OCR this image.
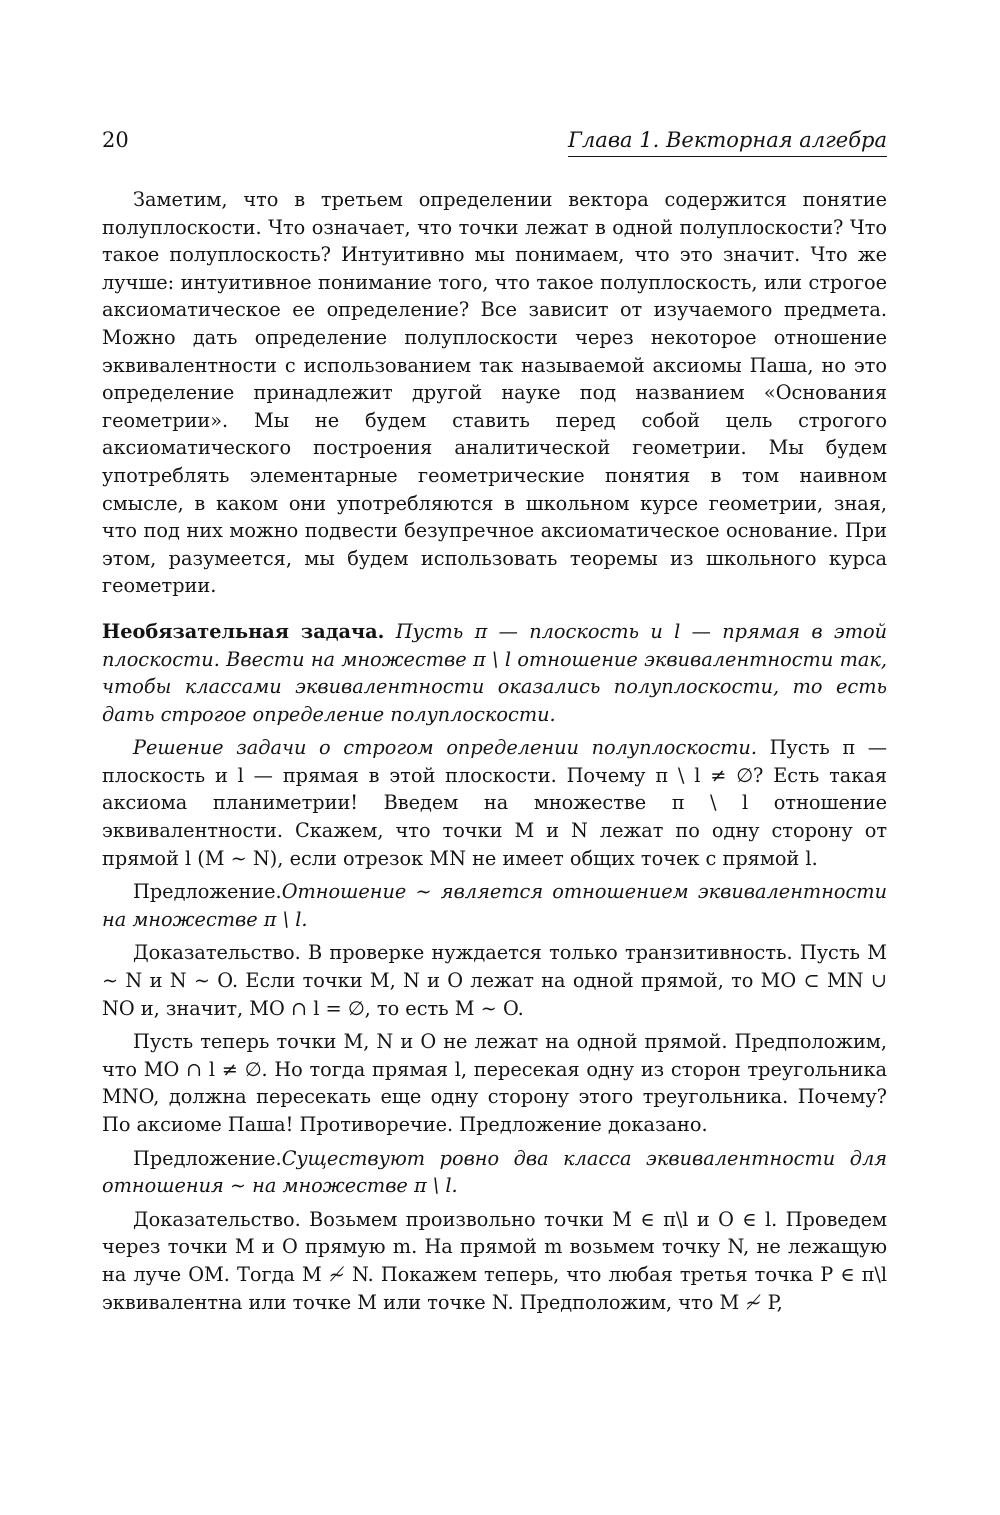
20	Глава 1. Векторная алгебра

Заметим, что в третьем определении вектора содержится понятие полуплоскости. Что означает, что точки лежат в одной полуплоскости? Что такое полуплоскость? Интуитивно мы понимаем, что это значит. Что же лучше: интуитивное понимание того, что такое полуплоскость, или строгое аксиоматическое ее определение? Все зависит от изучаемого предмета. Можно дать определение полуплоскости через некоторое отношение эквивалентности с использованием так называемой аксиомы Паша, но это определение принадлежит другой науке под названием «Основания геометрии». Мы не будем ставить перед собой цель строгого аксиоматического построения аналитической геометрии. Мы будем употреблять элементарные геометрические понятия в том наивном смысле, в каком они употребляются в школьном курсе геометрии, зная, что под них можно подвести безупречное аксиоматическое основание. При этом, разумеется, мы будем использовать теоремы из школьного курса геометрии.

Необязательная задача. Пусть π — плоскость и l — прямая в этой плоскости. Ввести на множестве π \ l отношение эквивалентности так, чтобы классами эквивалентности оказались полуплоскости, то есть дать строгое определение полуплоскости.

Решение задачи о строгом определении полуплоскости. Пусть π — плоскость и l — прямая в этой плоскости. Почему π \ l ≠ ∅? Есть такая аксиома планиметрии! Введем на множестве π \ l отношение эквивалентности. Скажем, что точки M и N лежат по одну сторону от прямой l (M ∼ N), если отрезок MN не имеет общих точек с прямой l.

Предложение.Отношение ∼ является отношением эквивалентности на множестве π \ l.

Доказательство. В проверке нуждается только транзитивность. Пусть M ∼ N и N ∼ O. Если точки M, N и O лежат на одной прямой, то MO ⊂ MN ∪ NO и, значит, MO ∩ l = ∅, то есть M ∼ O.

Пусть теперь точки M, N и O не лежат на одной прямой. Предположим, что MO ∩ l ≠ ∅. Но тогда прямая l, пересекая одну из сторон треугольника MNO, должна пересекать еще одну сторону этого треугольника. Почему? По аксиоме Паша! Противоречие. Предложение доказано.

Предложение.Существуют ровно два класса эквивалентности для отношения ∼ на множестве π \ l.

Доказательство. Возьмем произвольно точки M ∈ π\l и O ∈ l. Проведем через точки M и O прямую m. На прямой m возьмем точку N, не лежащую на луче OM. Тогда M ≁ N. Покажем теперь, что любая третья точка P ∈ π\l эквивалентна или точке M или точке N. Предположим, что M ≁ P,
